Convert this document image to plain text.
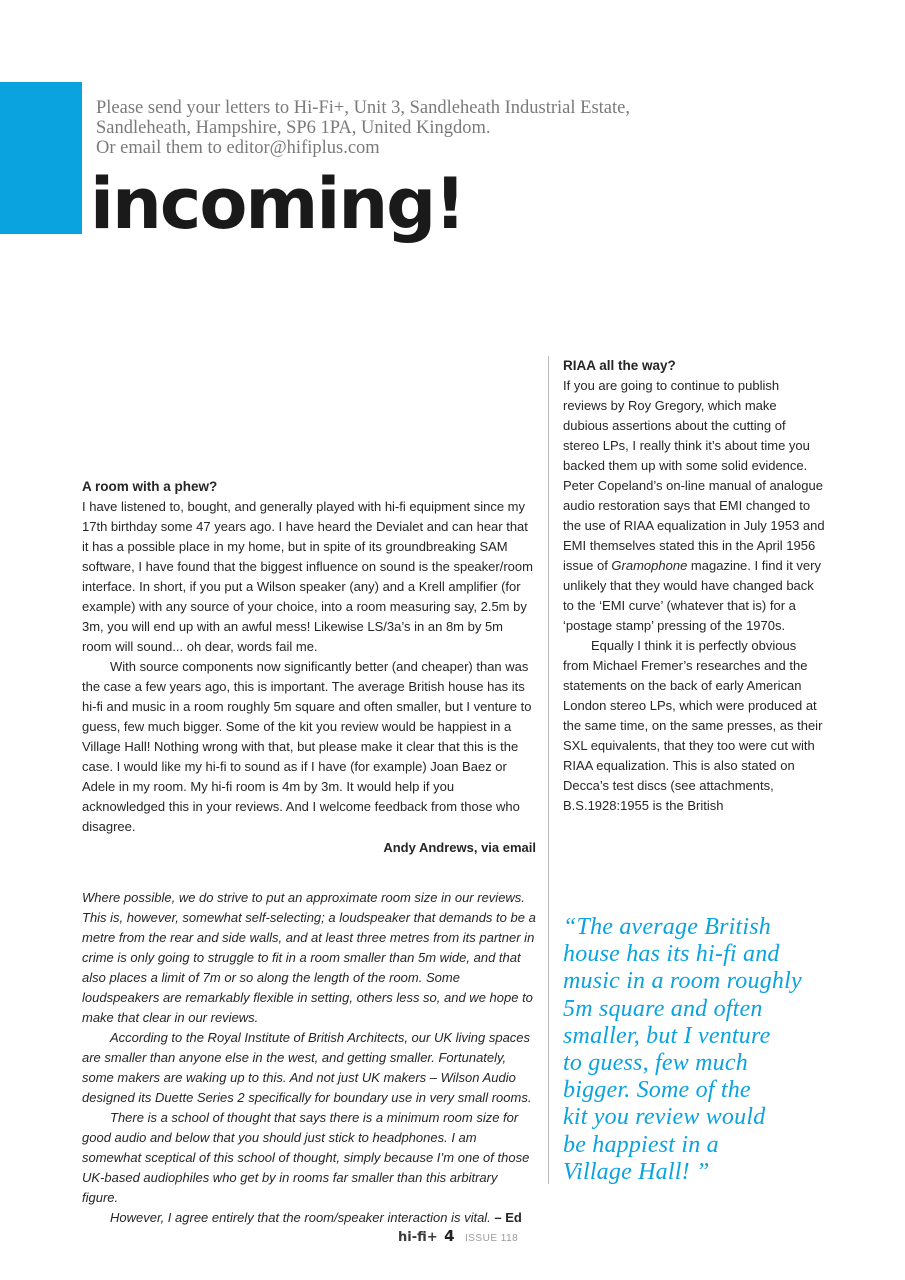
Please send your letters to Hi-Fi+, Unit 3, Sandleheath Industrial Estate,
Sandleheath, Hampshire, SP6 1PA, United Kingdom.
Or email them to editor@hifiplus.com
incoming!
A room with a phew?

I have listened to, bought, and generally played with hi-fi equipment since my 17th birthday some 47 years ago. I have heard the Devialet and can hear that it has a possible place in my home, but in spite of its groundbreaking SAM software, I have found that the biggest influence on sound is the speaker/room interface. In short, if you put a Wilson speaker (any) and a Krell amplifier (for example) with any source of your choice, into a room measuring say, 2.5m by 3m, you will end up with an awful mess! Likewise LS/3a’s in an 8m by 5m room will sound... oh dear, words fail me.

With source components now significantly better (and cheaper) than was the case a few years ago, this is important. The average British house has its hi-fi and music in a room roughly 5m square and often smaller, but I venture to guess, few much bigger. Some of the kit you review would be happiest in a Village Hall! Nothing wrong with that, but please make it clear that this is the case. I would like my hi-fi to sound as if I have (for example) Joan Baez or Adele in my room. My hi-fi room is 4m by 3m. It would help if you acknowledged this in your reviews. And I welcome feedback from those who disagree.

Andy Andrews, via email

Where possible, we do strive to put an approximate room size in our reviews. This is, however, somewhat self-selecting; a loudspeaker that demands to be a metre from the rear and side walls, and at least three metres from its partner in crime is only going to struggle to fit in a room smaller than 5m wide, and that also places a limit of 7m or so along the length of the room. Some loudspeakers are remarkably flexible in setting, others less so, and we hope to make that clear in our reviews.

According to the Royal Institute of British Architects, our UK living spaces are smaller than anyone else in the west, and getting smaller. Fortunately, some makers are waking up to this. And not just UK makers – Wilson Audio designed its Duette Series 2 specifically for boundary use in very small rooms.

There is a school of thought that says there is a minimum room size for good audio and below that you should just stick to headphones. I am somewhat sceptical of this school of thought, simply because I’m one of those UK-based audiophiles who get by in rooms far smaller than this arbitrary figure.

However, I agree entirely that the room/speaker interaction is vital. – Ed

RIAA all the way?

If you are going to continue to publish reviews by Roy Gregory, which make dubious assertions about the cutting of stereo LPs, I really think it’s about time you backed them up with some solid evidence. Peter Copeland’s on-line manual of analogue audio restoration says that EMI changed to the use of RIAA equalization in July 1953 and EMI themselves stated this in the April 1956 issue of Gramophone magazine. I find it very unlikely that they would have changed back to the ‘EMI curve’ (whatever that is) for a ‘postage stamp’ pressing of the 1970s.

Equally I think it is perfectly obvious from Michael Fremer’s researches and the statements on the back of early American London stereo LPs, which were produced at the same time, on the same presses, as their SXL equivalents, that they too were cut with RIAA equalization. This is also stated on Decca’s test discs (see attachments, B.S.1928:1955 is the British

“The average British
house has its hi-fi and
music in a room roughly
5m square and often
smaller, but I venture
to guess, few much
bigger. Some of the
kit you review would
be happiest in a
Village Hall! ”
hi-fi+ 4 ISSUE 118
